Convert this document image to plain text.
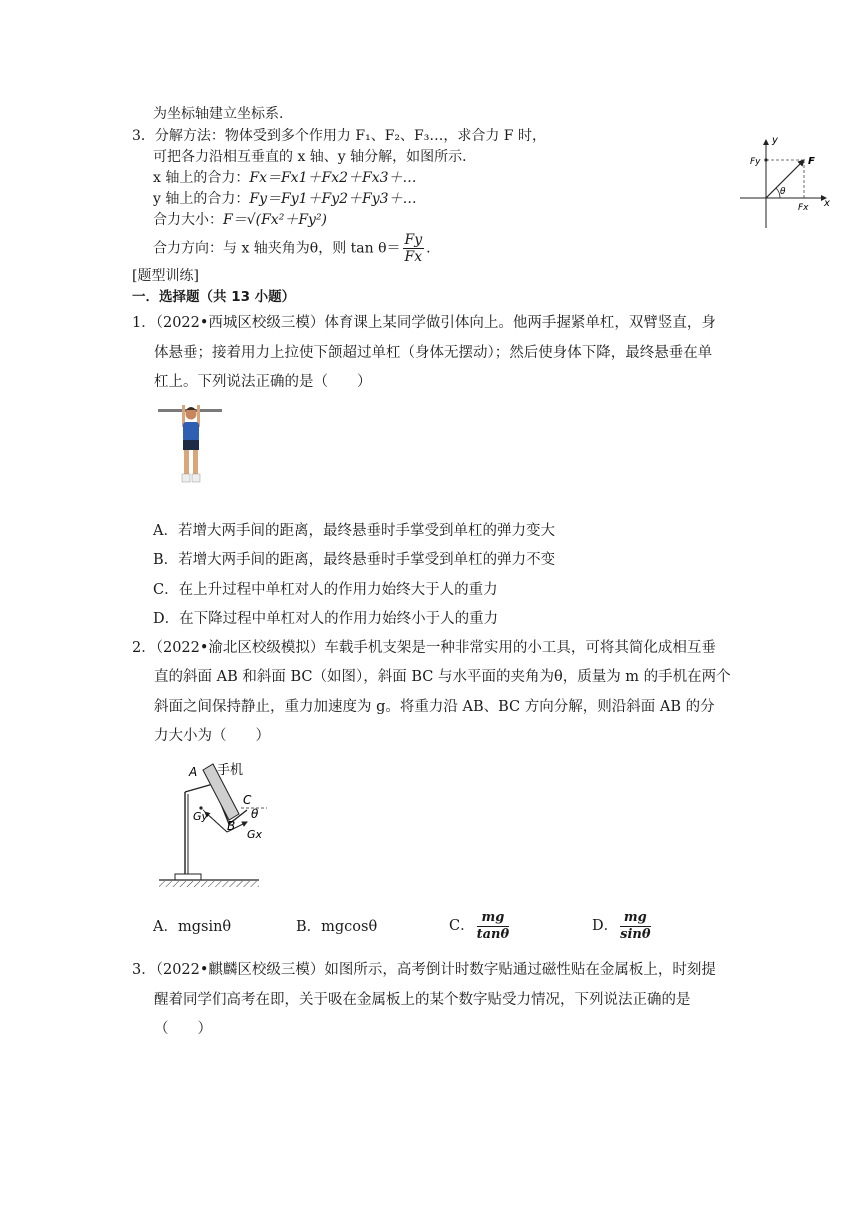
为坐标轴建立坐标系.
3．分解方法：物体受到多个作用力 F₁、F₂、F₃…，求合力 F 时，
可把各力沿相互垂直的 x 轴、y 轴分解，如图所示．
x 轴上的合力：Fx＝Fx1＋Fx2＋Fx3＋…
y 轴上的合力：Fy＝Fy1＋Fy2＋Fy3＋…
合力大小：F＝√(Fx²＋Fy²)
合力方向：与 x 轴夹角为θ，则 $\tan \theta= \frac{Fy}{Fx}$ .
y
x
Fy	F
θ
Fx
[题型训练]
一．选择题（共 13 小题）
1．（2022•西城区校级三模）体育课上某同学做引体向上。他两手握紧单杠，双臂竖直，身
体悬垂；接着用力上拉使下颌超过单杠（身体无摆动）；然后使身体下降，最终悬垂在单
杠上。下列说法正确的是（　　）
A．若增大两手间的距离，最终悬垂时手掌受到单杠的弹力变大
B．若增大两手间的距离，最终悬垂时手掌受到单杠的弹力不变
C．在上升过程中单杠对人的作用力始终大于人的重力
D．在下降过程中单杠对人的作用力始终小于人的重力
2．（2022•渝北区校级模拟）车载手机支架是一种非常实用的小工具，可将其简化成相互垂
直的斜面 AB 和斜面 BC（如图），斜面 BC 与水平面的夹角为θ，质量为 m 的手机在两个
斜面之间保持静止，重力加速度为 g。将重力沿 AB、BC 方向分解，则沿斜面 AB 的分
力大小为（　　）
A 手机
C
θ
Gy
B
Gx
A．mgsinθ	B．mgcosθ	C． $\frac{mg}{\tan\theta}$	D． $\frac{mg}{\sin\theta}$
3．（2022•麒麟区校级三模）如图所示，高考倒计时数字贴通过磁性贴在金属板上，时刻提
醒着同学们高考在即，关于吸在金属板上的某个数字贴受力情况，下列说法正确的是
（　　）
